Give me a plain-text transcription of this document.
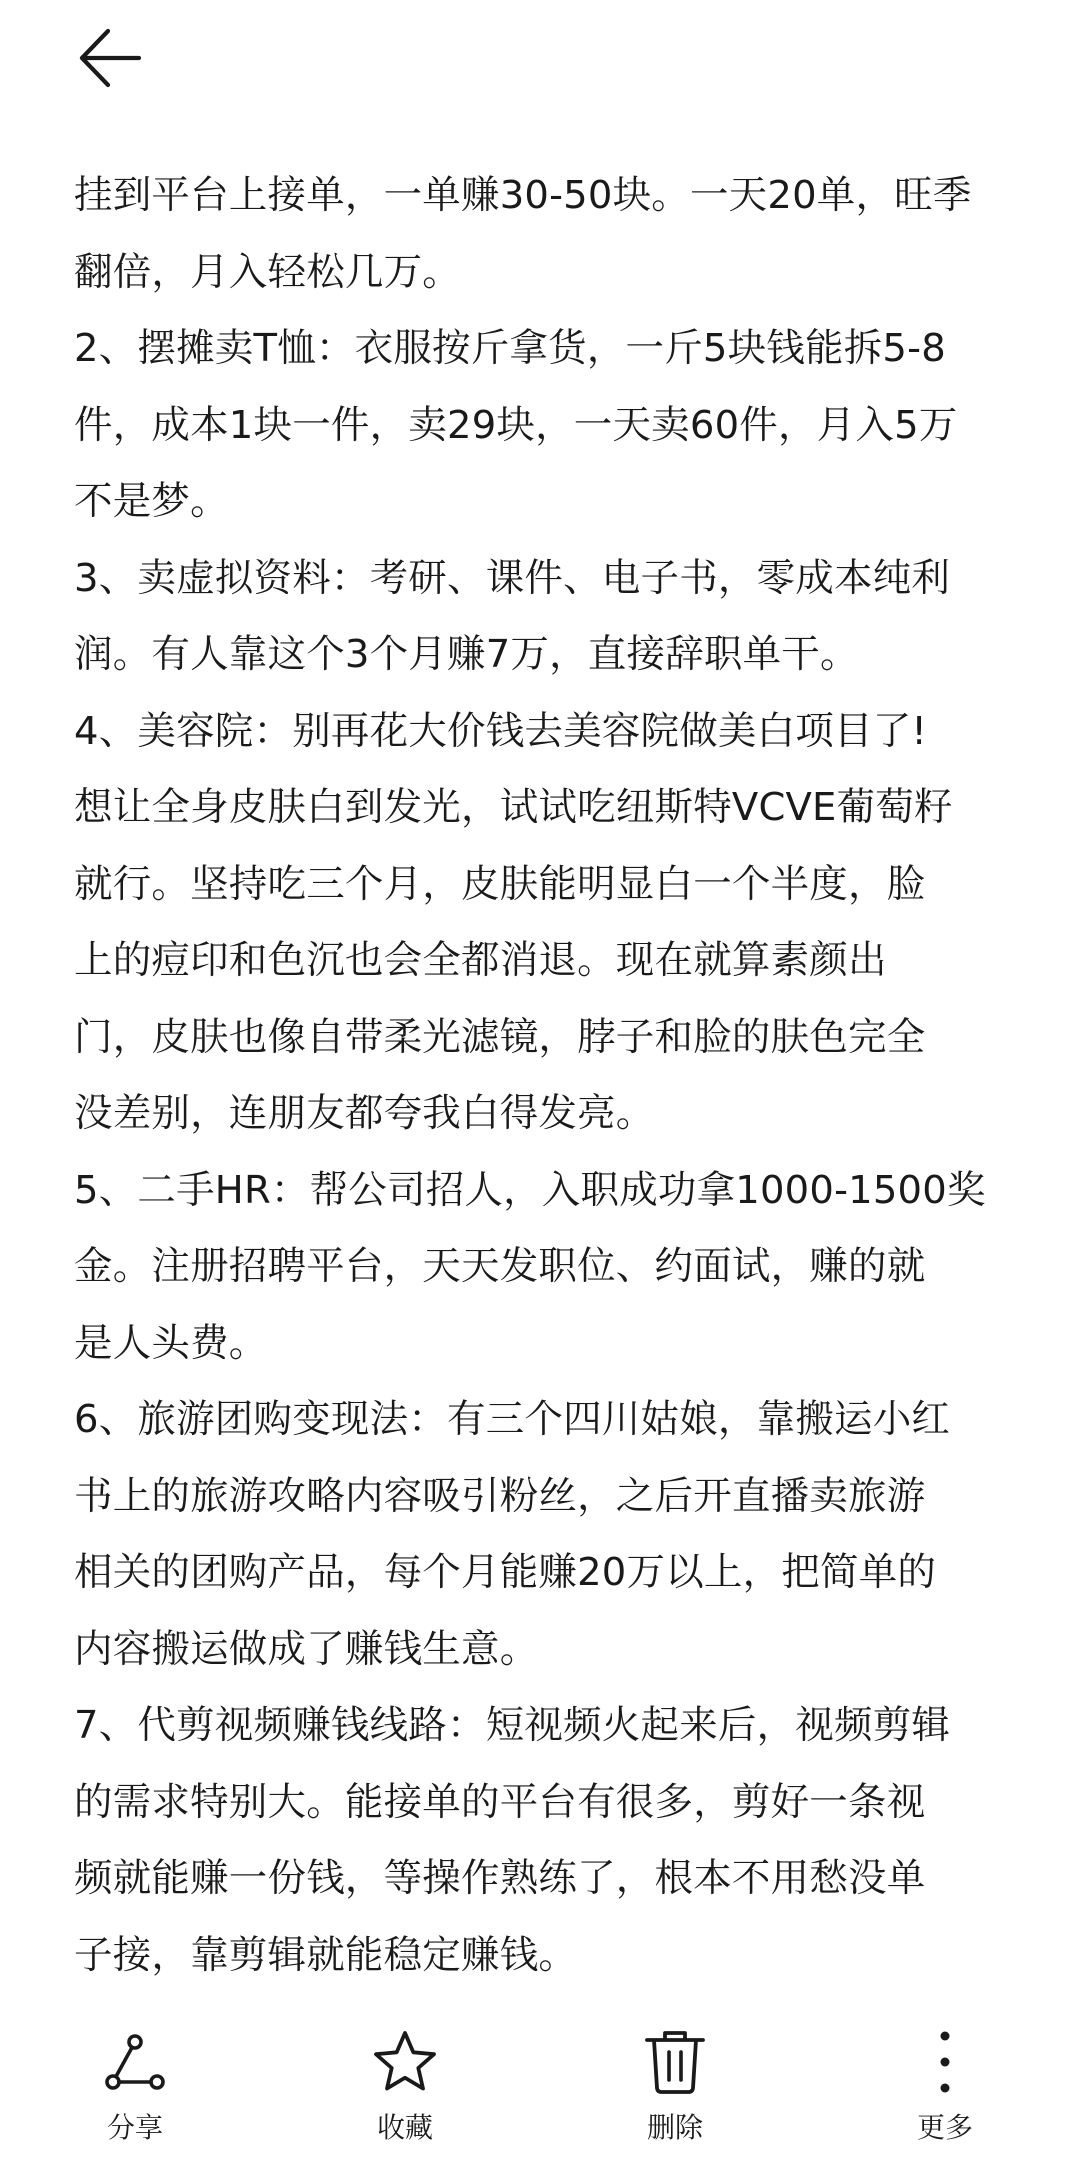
挂到平台上接单，一单赚30-50块。一天20单，旺季

翻倍，月入轻松几万。

2、摆摊卖T恤：衣服按斤拿货，一斤5块钱能拆5-8

件，成本1块一件，卖29块，一天卖60件，月入5万

不是梦。

3、卖虚拟资料：考研、课件、电子书，零成本纯利

润。有人靠这个3个月赚7万，直接辞职单干。

4、美容院：别再花大价钱去美容院做美白项目了!

想让全身皮肤白到发光，试试吃纽斯特VCVE葡萄籽

就行。坚持吃三个月，皮肤能明显白一个半度，脸

上的痘印和色沉也会全都消退。现在就算素颜出

门，皮肤也像自带柔光滤镜，脖子和脸的肤色完全

没差别，连朋友都夸我白得发亮。

5、二手HR：帮公司招人，入职成功拿1000-1500奖

金。注册招聘平台，天天发职位、约面试，赚的就

是人头费。

6、旅游团购变现法：有三个四川姑娘，靠搬运小红

书上的旅游攻略内容吸引粉丝，之后开直播卖旅游

相关的团购产品，每个月能赚20万以上，把简单的

内容搬运做成了赚钱生意。

7、代剪视频赚钱线路：短视频火起来后，视频剪辑

的需求特别大。能接单的平台有很多，剪好一条视

频就能赚一份钱，等操作熟练了，根本不用愁没单

子接，靠剪辑就能稳定赚钱。

分享	收藏	删除	更多
